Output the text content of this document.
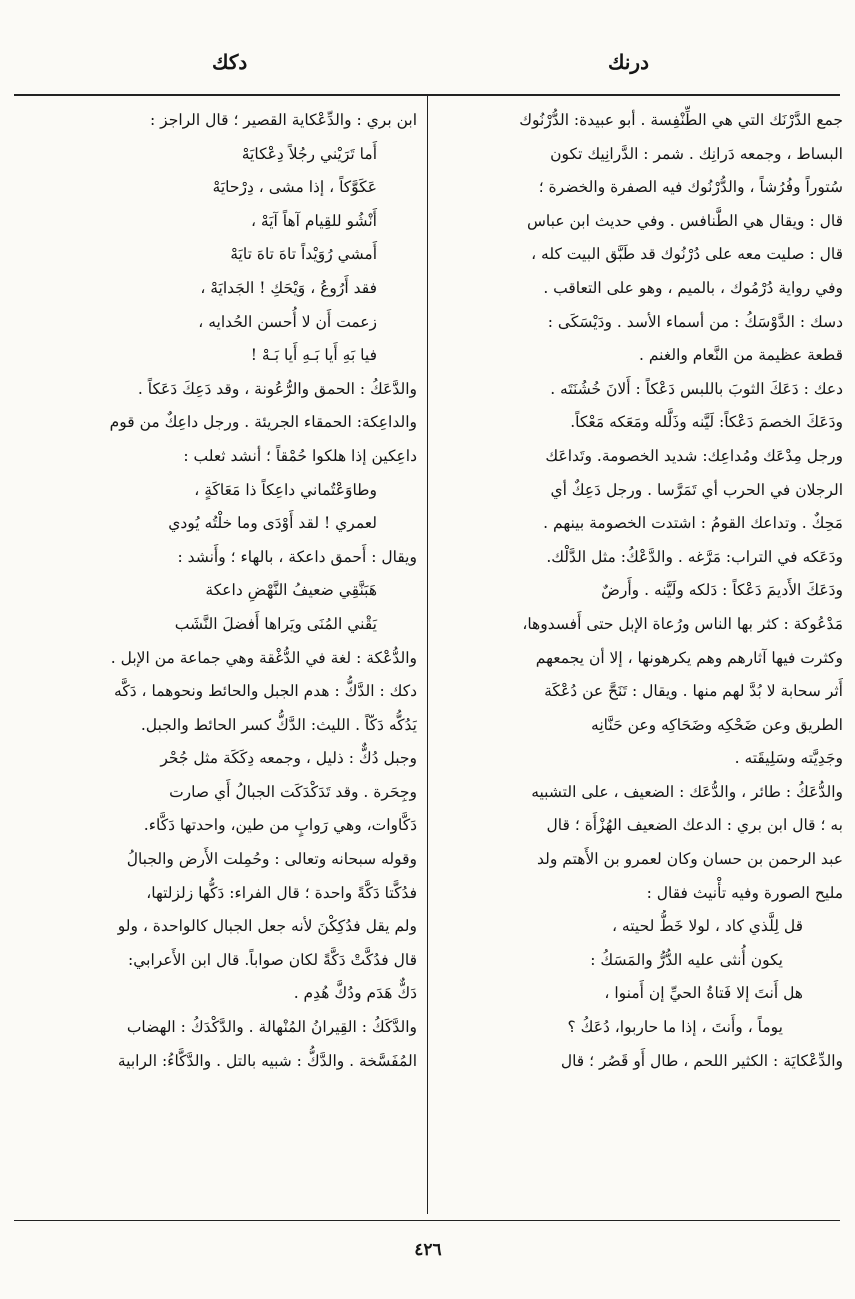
درنك
دكك
جمع الدَّرْنَك التي هي الطِّنْفِسة . أبو عبيدة: الدُّرْنُوك
البساط ، وجمعه دَرانِك . شمر : الدَّرانِيك تكون
سُتوراً وفُرُشاً ، والدُّرْنُوك فيه الصفرة والخضرة ؛
قال : ويقال هي الطَّنافس . وفي حديث ابن عباس
قال : صليت معه على دُرْنُوك قد طَبَّق البيت كله ،
وفي رواية دُرْمُوك ، بالميم ، وهو على التعاقب .
دسك : الدَّوْسَكُ : من أسماء الأسد . ودَيْسَكَى :
قطعة عظيمة من النَّعام والغنم .
دعك : دَعَكَ الثوبَ باللبس دَعْكاً : أَلانَ خُشُنَتَه .
ودَعَكَ الخصمَ دَعْكاً: لَيَّنه وذَلَّله ومَعَكه مَعْكاً.
ورجل مِدْعَك ومُداعِك: شديد الخصومة. وتَداعَك
الرجلان في الحرب أي تَمَرَّسا . ورجل دَعِكٌ أي
مَحِكٌ . وتداعك القومُ : اشتدت الخصومة بينهم .
ودَعَكه في التراب: مَرَّغه . والدَّعْكُ: مثل الدَّلْك.
ودَعَكَ الأَديمَ دَعْكاً : دَلكه ولَيَّنه . وأَرضٌ
مَدْعُوكة : كثر بها الناس ورُعاة الإبل حتى أَفسدوها،
وكثرت فيها آثارهم وهم يكرهونها ، إلا أن يجمعهم
أَثر سحابة لا بُدَّ لهم منها . ويقال : تَنَحَّ عن دُعْكَة
الطريق وعن ضَحْكِه وضَحَاكِه وعن حَنَّانِه
وجَدِيَّته وسَلِيقَته .
والدُّعَكُ : طائر ، والدُّعَك : الضعيف ، على التشبيه
به ؛ قال ابن بري : الدعك الضعيف الهُزْأَة ؛ قال
عبد الرحمن بن حسان وكان لعمرو بن الأَهتم ولد
مليح الصورة وفيه تأْنيث فقال :
قل لِلَّذي كاد ، لولا خَطُّ لحيته ،
يكون أُنثى عليه الدُّرُّ والمَسَكُ :
هل أَنتَ إلا فَتاةُ الحيِّ إن أَمنوا ،
يوماً ، وأَنتَ ، إذا ما حاربوا، دُعَكُ ؟
والدِّعْكايَة : الكثير اللحم ، طال أَو قَصُر ؛ قال
ابن بري : والدِّعْكاية القصير ؛ قال الراجز :
أَما تَرَيْني رجُلاً دِعْكايَهْ
عَكَوَّكاً ، إذا مشى ، دِرْحايَهْ
أَنْشُو للقِيام آهاً آيَهْ ،
أَمشي رُوَيْداً تاهَ تاهَ تايَهْ
فقد أَرُوعُ ، وَيْحَكِ ! الجَدايَهْ ،
زعمت أَن لا أُحسن الحُدايه ،
فيا بَهِ أَيا بَـهِ أَيا بَـهْ !
والدَّعَكُ : الحمق والرُّعُونة ، وقد دَعِكَ دَعَكاً .
والداعِكة: الحمقاء الجريئة . ورجل داعِكٌ من قوم
داعِكين إذا هلكوا حُمْقاً ؛ أنشد ثعلب :
وطاوَعْتُماني داعِكاً ذا مَعَاكَةٍ ،
لعمري ! لقد أَوْدَى وما خلْتُه يُودي
ويقال : أَحمق داعكة ، بالهاء ؛ وأَنشد :
هَبَنَّقِي ضعيفُ النَّهْضِ داعكة
يَقْني المُنَى ويَراها أَفضلَ النَّشَب
والدُّعْكة : لغة في الدُّغْقة وهي جماعة من الإبل .
دكك : الدَّكُّ : هدم الجبل والحائط ونحوهما ، دَكَّه
يَدُكُّه دَكّاً . الليث: الدَّكُّ كسر الحائط والجبل.
وجبل دُكٌّ : ذليل ، وجمعه دِكَكَة مثل جُحْر
وجِحَرة . وقد تَدَكْدَكَت الجبالُ أَي صارت
دَكَّاوات، وهي رَوابٍ من طين، واحدتها دَكَّاء.
وقوله سبحانه وتعالى : وحُمِلت الأَرض والجبالُ
فدُكَّتا دَكَّةً واحدة ؛ قال الفراء: دَكُّها زلزلتها،
ولم يقل فدُكِكْنَ لأنه جعل الجبال كالواحدة ، ولو
قال فدُكَّتْ دَكَّةً لكان صواباً. قال ابن الأَعرابي:
دَكٌّ هَدَم ودُكَّ هُدِم .
والدَّكَكُ : القِيرانُ المُنْهالة . والدَّكْدَكُ : الهضاب
المُفَسَّخة . والدَّكُّ : شبيه بالتل . والدَّكَّاءُ: الرابية
٤٢٦
